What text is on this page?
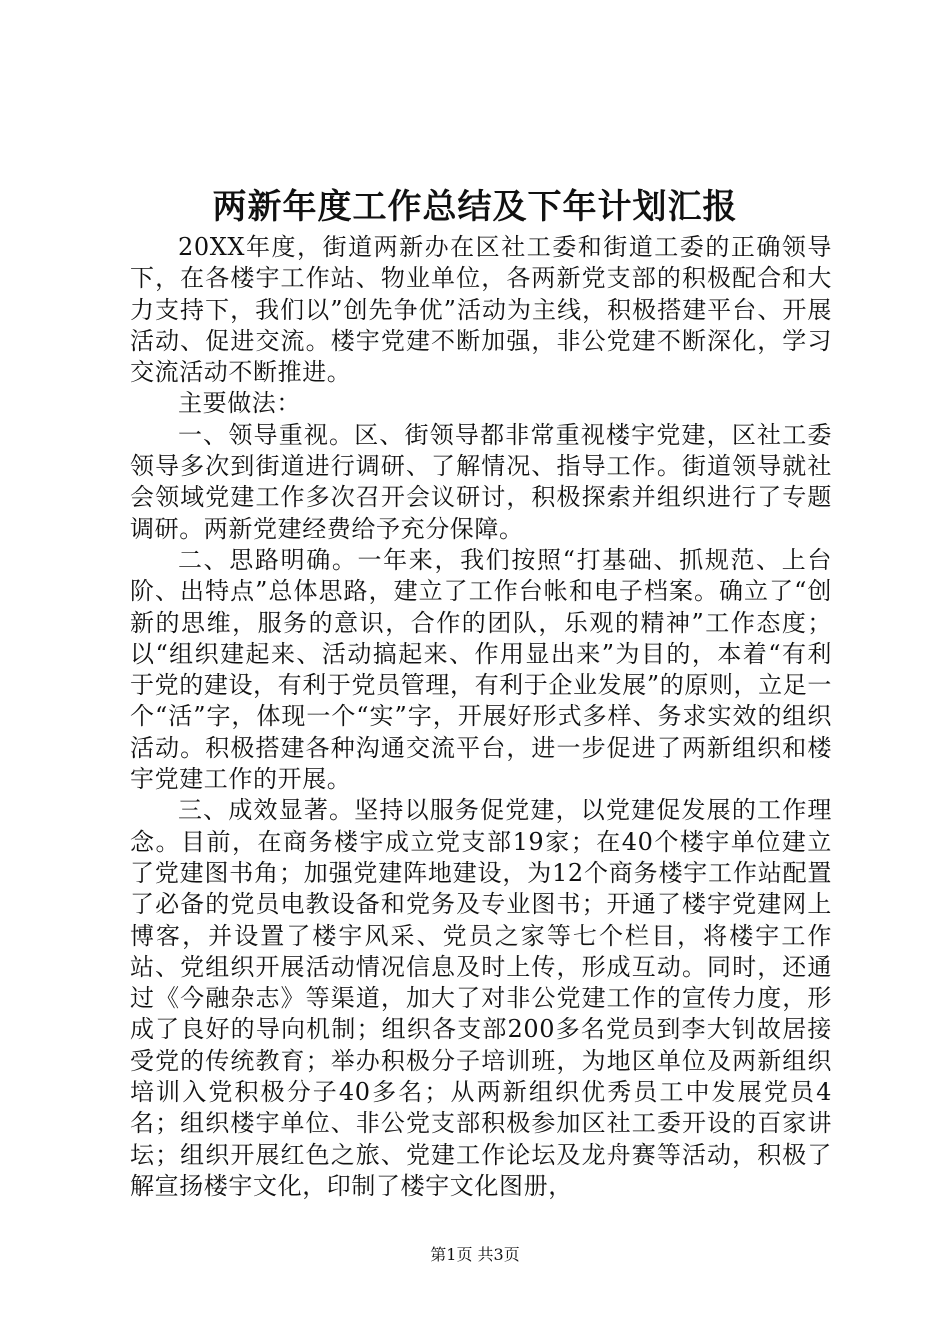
两新年度工作总结及下年计划汇报

20XX年度，街道两新办在区社工委和街道工委的正确领导下，在各楼宇工作站、物业单位，各两新党支部的积极配合和大力支持下，我们以”创先争优”活动为主线，积极搭建平台、开展活动、促进交流。楼宇党建不断加强，非公党建不断深化，学习交流活动不断推进。

主要做法：

一、领导重视。区、街领导都非常重视楼宇党建，区社工委领导多次到街道进行调研、了解情况、指导工作。街道领导就社会领域党建工作多次召开会议研讨，积极探索并组织进行了专题调研。两新党建经费给予充分保障。

二、思路明确。一年来，我们按照“打基础、抓规范、上台阶、出特点”总体思路，建立了工作台帐和电子档案。确立了“创新的思维，服务的意识，合作的团队，乐观的精神”工作态度；以“组织建起来、活动搞起来、作用显出来”为目的，本着“有利于党的建设，有利于党员管理，有利于企业发展”的原则，立足一个“活”字，体现一个“实”字，开展好形式多样、务求实效的组织活动。积极搭建各种沟通交流平台，进一步促进了两新组织和楼宇党建工作的开展。

三、成效显著。坚持以服务促党建，以党建促发展的工作理念。目前，在商务楼宇成立党支部19家；在40个楼宇单位建立了党建图书角；加强党建阵地建设，为12个商务楼宇工作站配置了必备的党员电教设备和党务及专业图书；开通了楼宇党建网上博客，并设置了楼宇风采、党员之家等七个栏目，将楼宇工作站、党组织开展活动情况信息及时上传，形成互动。同时，还通过《今融杂志》等渠道，加大了对非公党建工作的宣传力度，形成了良好的导向机制；组织各支部200多名党员到李大钊故居接受党的传统教育；举办积极分子培训班，为地区单位及两新组织培训入党积极分子40多名；从两新组织优秀员工中发展党员4名；组织楼宇单位、非公党支部积极参加区社工委开设的百家讲坛；组织开展红色之旅、党建工作论坛及龙舟赛等活动，积极了解宣扬楼宇文化，印制了楼宇文化图册，

第1页 共3页
